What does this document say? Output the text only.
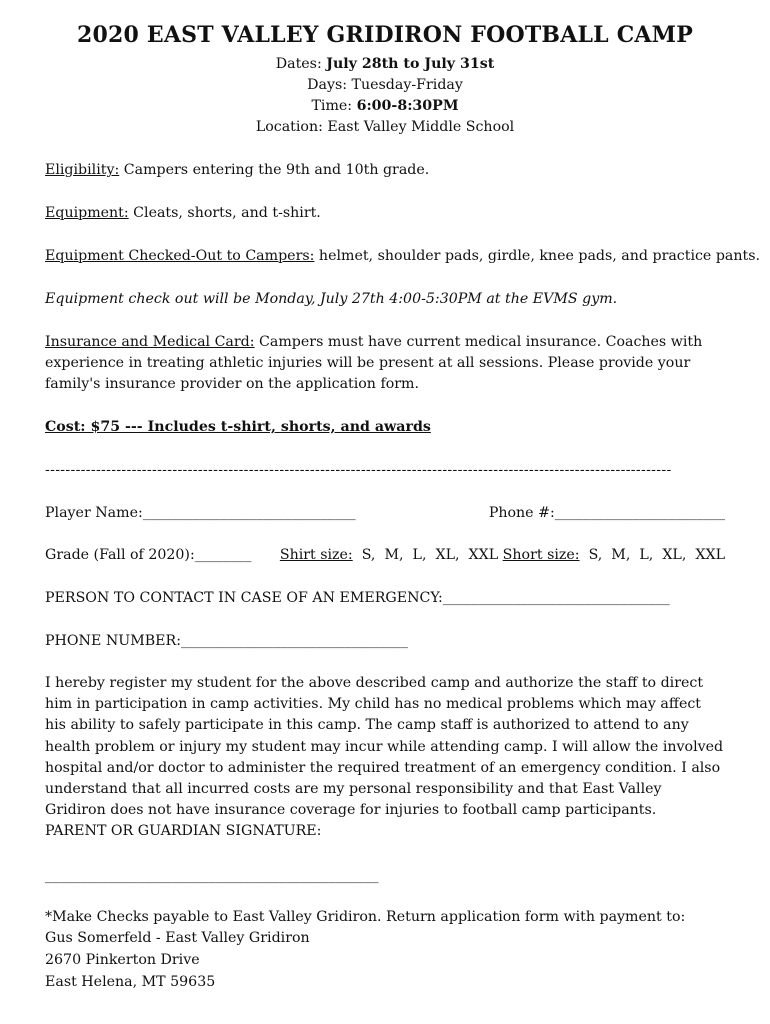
2020 EAST VALLEY GRIDIRON FOOTBALL CAMP
Dates: July 28th to July 31st
Days: Tuesday-Friday
Time: 6:00-8:30PM
Location: East Valley Middle School
Eligibility: Campers entering the 9th and 10th grade.
Equipment: Cleats, shorts, and t-shirt.
Equipment Checked-Out to Campers: helmet, shoulder pads, girdle, knee pads, and practice pants.
Equipment check out will be Monday, July 27th 4:00-5:30PM at the EVMS gym.
Insurance and Medical Card: Campers must have current medical insurance. Coaches with experience in treating athletic injuries will be present at all sessions. Please provide your family's insurance provider on the application form.
Cost: $75 --- Includes t-shirt, shorts, and awards
---------------------------------------------------------------------------------------------------------------------------
Player Name:______________________________	Phone #:________________________
Grade (Fall of 2020):________ Shirt size:  S,  M,  L,  XL,  XXL Short size:  S,  M,  L,  XL,  XXL
PERSON TO CONTACT IN CASE OF AN EMERGENCY:________________________________
PHONE NUMBER:________________________________
I hereby register my student for the above described camp and authorize the staff to direct him in participation in camp activities. My child has no medical problems which may affect his ability to safely participate in this camp. The camp staff is authorized to attend to any health problem or injury my student may incur while attending camp. I will allow the involved hospital and/or doctor to administer the required treatment of an emergency condition. I also understand that all incurred costs are my personal responsibility and that East Valley Gridiron does not have insurance coverage for injuries to football camp participants.
PARENT OR GUARDIAN SIGNATURE:
_______________________________________________
*Make Checks payable to East Valley Gridiron. Return application form with payment to:
Gus Somerfeld - East Valley Gridiron
2670 Pinkerton Drive
East Helena, MT 59635
